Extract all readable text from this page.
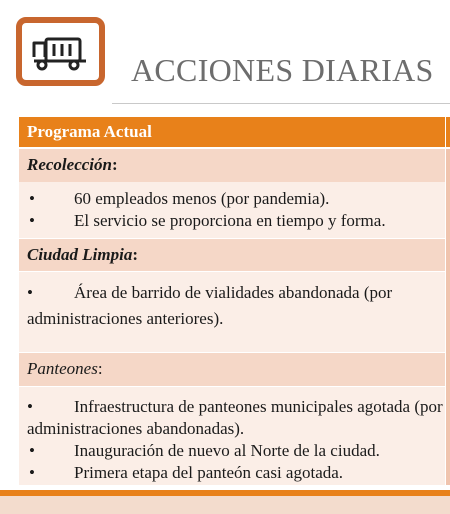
ACCIONES DIARIAS
Programa Actual
Recolección:
• 60 empleados menos (por pandemia).
• El servicio se proporciona en tiempo y forma.
Ciudad Limpia:
• Área de barrido de vialidades abandonada (por administraciones anteriores).
Panteones:
• Infraestructura de panteones municipales agotada (por administraciones abandonadas).
• Inauguración de nuevo al Norte de la ciudad.
• Primera etapa del panteón casi agotada.
